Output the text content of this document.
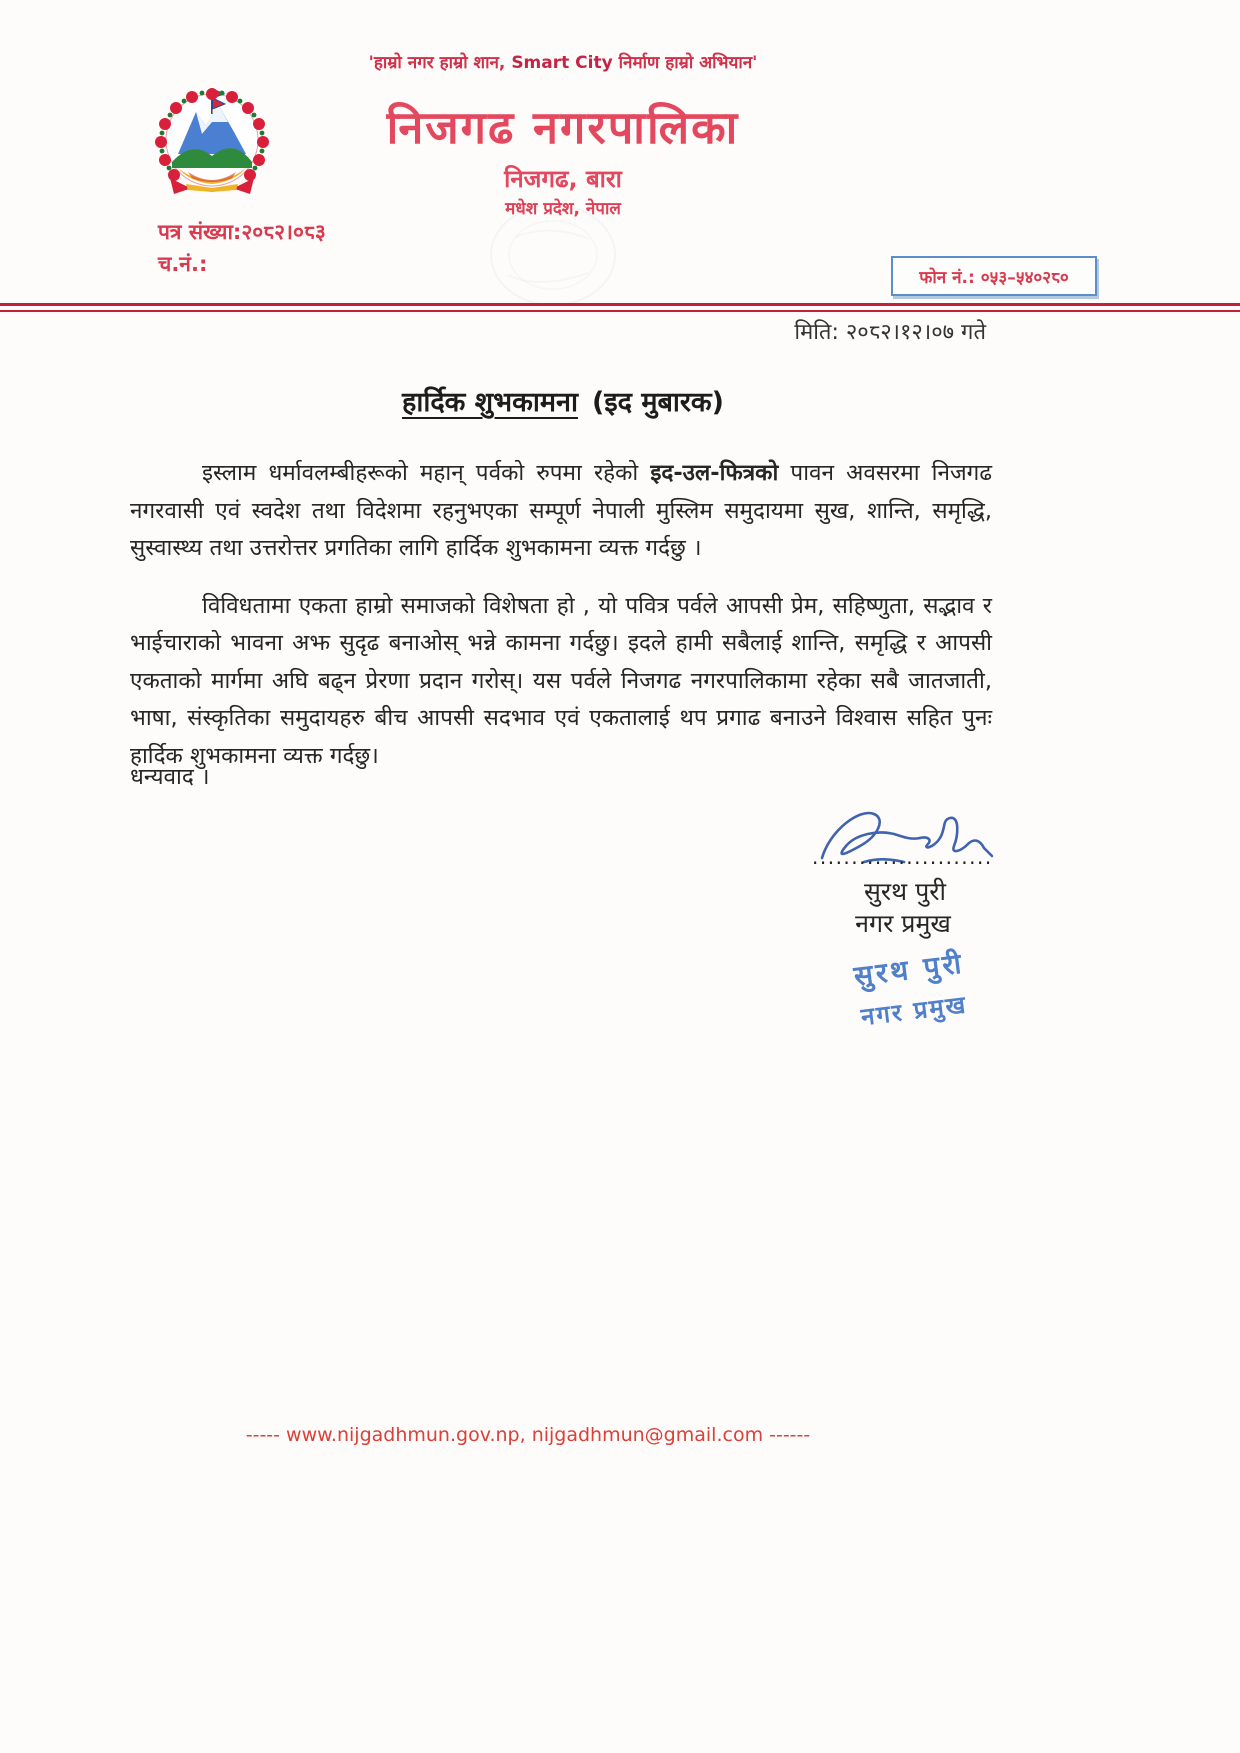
'हाम्रो नगर हाम्रो शान, Smart City निर्माण हाम्रो अभियान'
निजगढ नगरपालिका
निजगढ, बारा
मधेश प्रदेश, नेपाल
पत्र संख्या:२०८२।०८३
च.नं.:
फोन नं.:
०५३–५४०२८०
मिति: २०८२।१२।०७ गते
हार्दिक शुभकामना (इद मुबारक)

इस्लाम धर्मावलम्बीहरूको महान् पर्वको रुपमा रहेको इद-उल-फित्रको पावन अवसरमा निजगढ नगरवासी एवं स्वदेश तथा विदेशमा रहनुभएका सम्पूर्ण नेपाली मुस्लिम समुदायमा सुख, शान्ति, समृद्धि, सुस्वास्थ्य तथा उत्तरोत्तर प्रगतिका लागि हार्दिक शुभकामना व्यक्त गर्दछु ।

विविधतामा एकता हाम्रो समाजको विशेषता हो , यो पवित्र पर्वले आपसी प्रेम, सहिष्णुता, सद्भाव र भाईचाराको भावना अझ सुदृढ बनाओस् भन्ने कामना गर्दछु। इदले हामी सबैलाई शान्ति, समृद्धि र आपसी एकताको मार्गमा अघि बढ्न प्रेरणा प्रदान गरोस्। यस पर्वले निजगढ नगरपालिकामा रहेका सबै जातजाती, भाषा, संस्कृतिका समुदायहरु बीच आपसी सदभाव एवं एकतालाई थप प्रगाढ बनाउने विश्वास सहित पुनः हार्दिक शुभकामना व्यक्त गर्दछु।

धन्यवाद ।
.......................
सुरथ पुरी
नगर प्रमुख
सुरथ पुरी
नगर प्रमुख
----- www.nijgadhmun.gov.np, nijgadhmun@gmail.com ------
